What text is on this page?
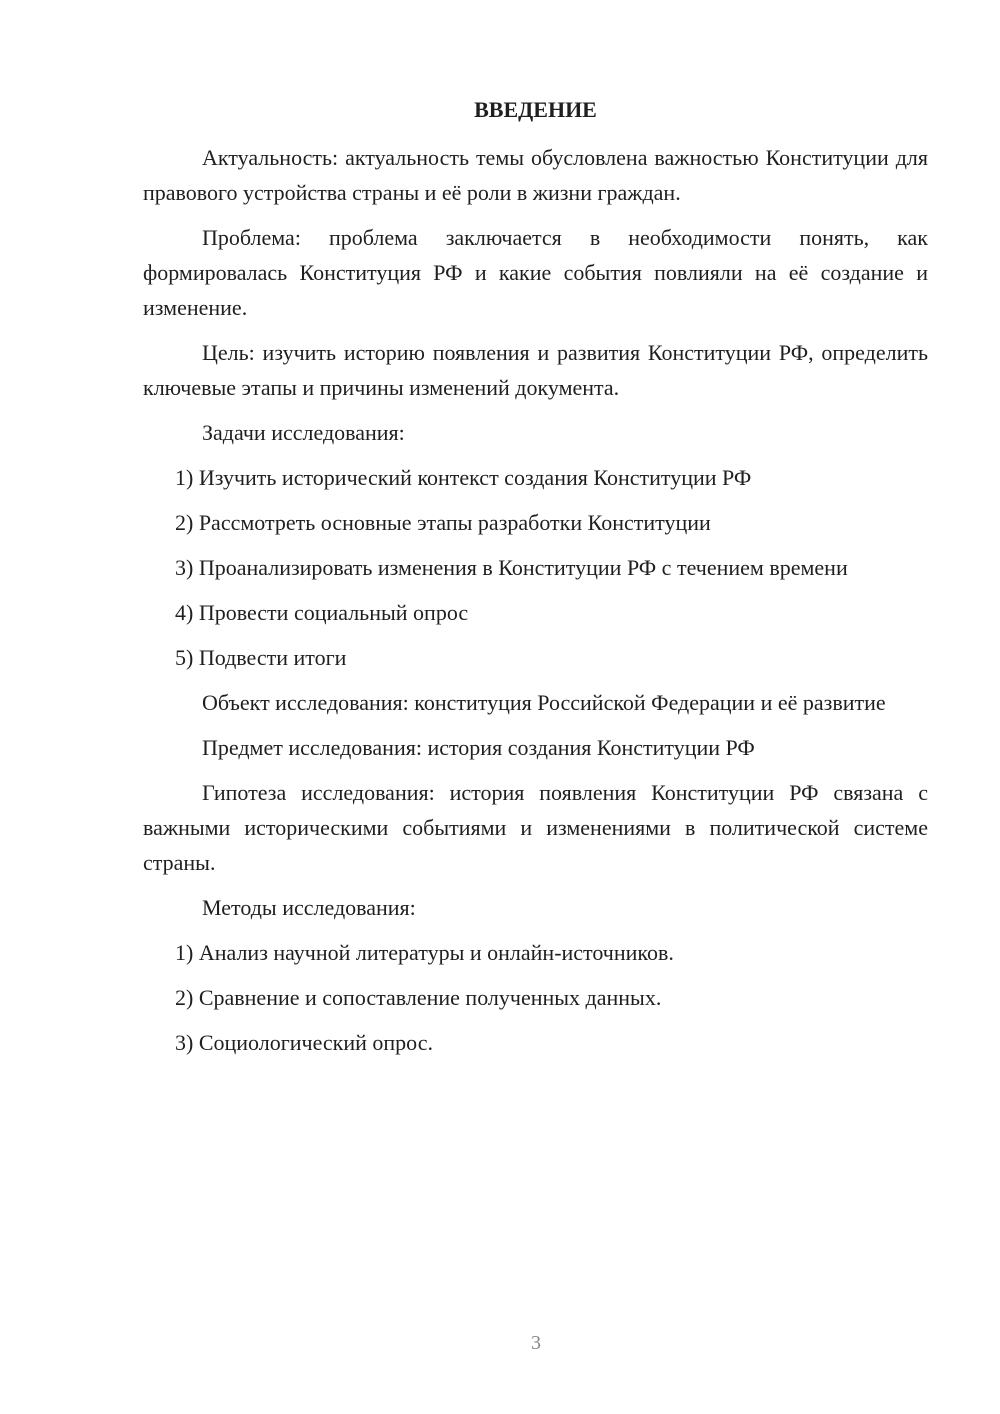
ВВЕДЕНИЕ
Актуальность: актуальность темы обусловлена важностью Конституции для правового устройства страны и её роли в жизни граждан.
Проблема: проблема заключается в необходимости понять, как формировалась Конституция РФ и какие события повлияли на её создание и изменение.
Цель: изучить историю появления и развития Конституции РФ, определить ключевые этапы и причины изменений документа.
Задачи исследования:
1) Изучить исторический контекст создания Конституции РФ
2) Рассмотреть основные этапы разработки Конституции
3) Проанализировать изменения в Конституции РФ с течением времени
4) Провести социальный опрос
5) Подвести итоги
Объект исследования: конституция Российской Федерации и её развитие
Предмет исследования: история создания Конституции РФ
Гипотеза исследования: история появления Конституции РФ связана с важными историческими событиями и изменениями в политической системе страны.
Методы исследования:
1) Анализ научной литературы и онлайн-источников.
2) Сравнение и сопоставление полученных данных.
3) Социологический опрос.
3
